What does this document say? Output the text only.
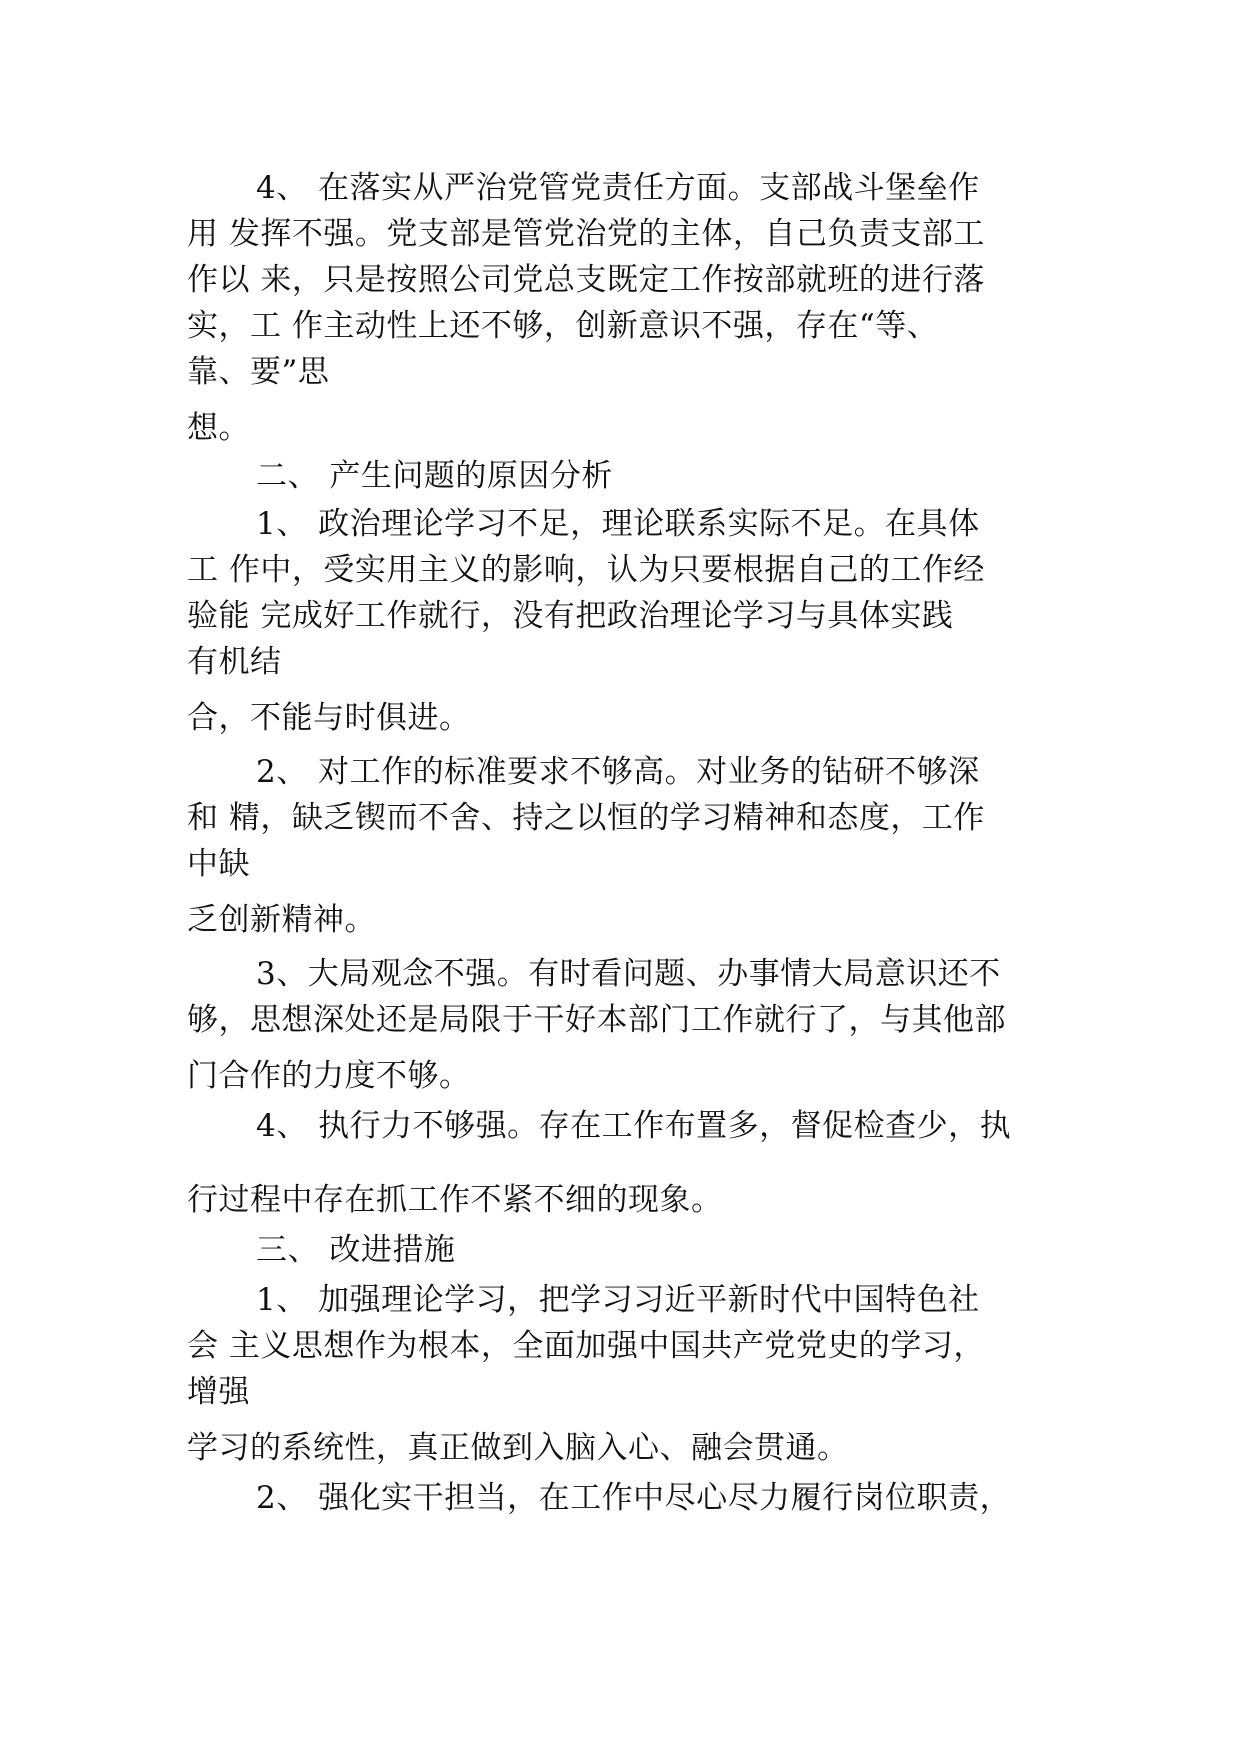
4、 在落实从严治党管党责任方面。支部战斗堡垒作
用 发挥不强。党支部是管党治党的主体，自己负责支部工
作以 来，只是按照公司党总支既定工作按部就班的进行落
实，工 作主动性上还不够，创新意识不强，存在“等、
靠、要”思
想。
二、 产生问题的原因分析
1、 政治理论学习不足，理论联系实际不足。在具体
工 作中，受实用主义的影响，认为只要根据自己的工作经
验能 完成好工作就行，没有把政治理论学习与具体实践
有机结
合，不能与时俱进。
2、 对工作的标准要求不够高。对业务的钻研不够深
和 精，缺乏锲而不舍、持之以恒的学习精神和态度，工作
中缺
乏创新精神。
3、大局观念不强。有时看问题、办事情大局意识还不
够，思想深处还是局限于干好本部门工作就行了，与其他部
门合作的力度不够。
4、 执行力不够强。存在工作布置多，督促检查少，执
行过程中存在抓工作不紧不细的现象。
三、 改进措施
1、 加强理论学习，把学习习近平新时代中国特色社
会 主义思想作为根本，全面加强中国共产党党史的学习，
增强
学习的系统性，真正做到入脑入心、融会贯通。
2、 强化实干担当，在工作中尽心尽力履行岗位职责，
